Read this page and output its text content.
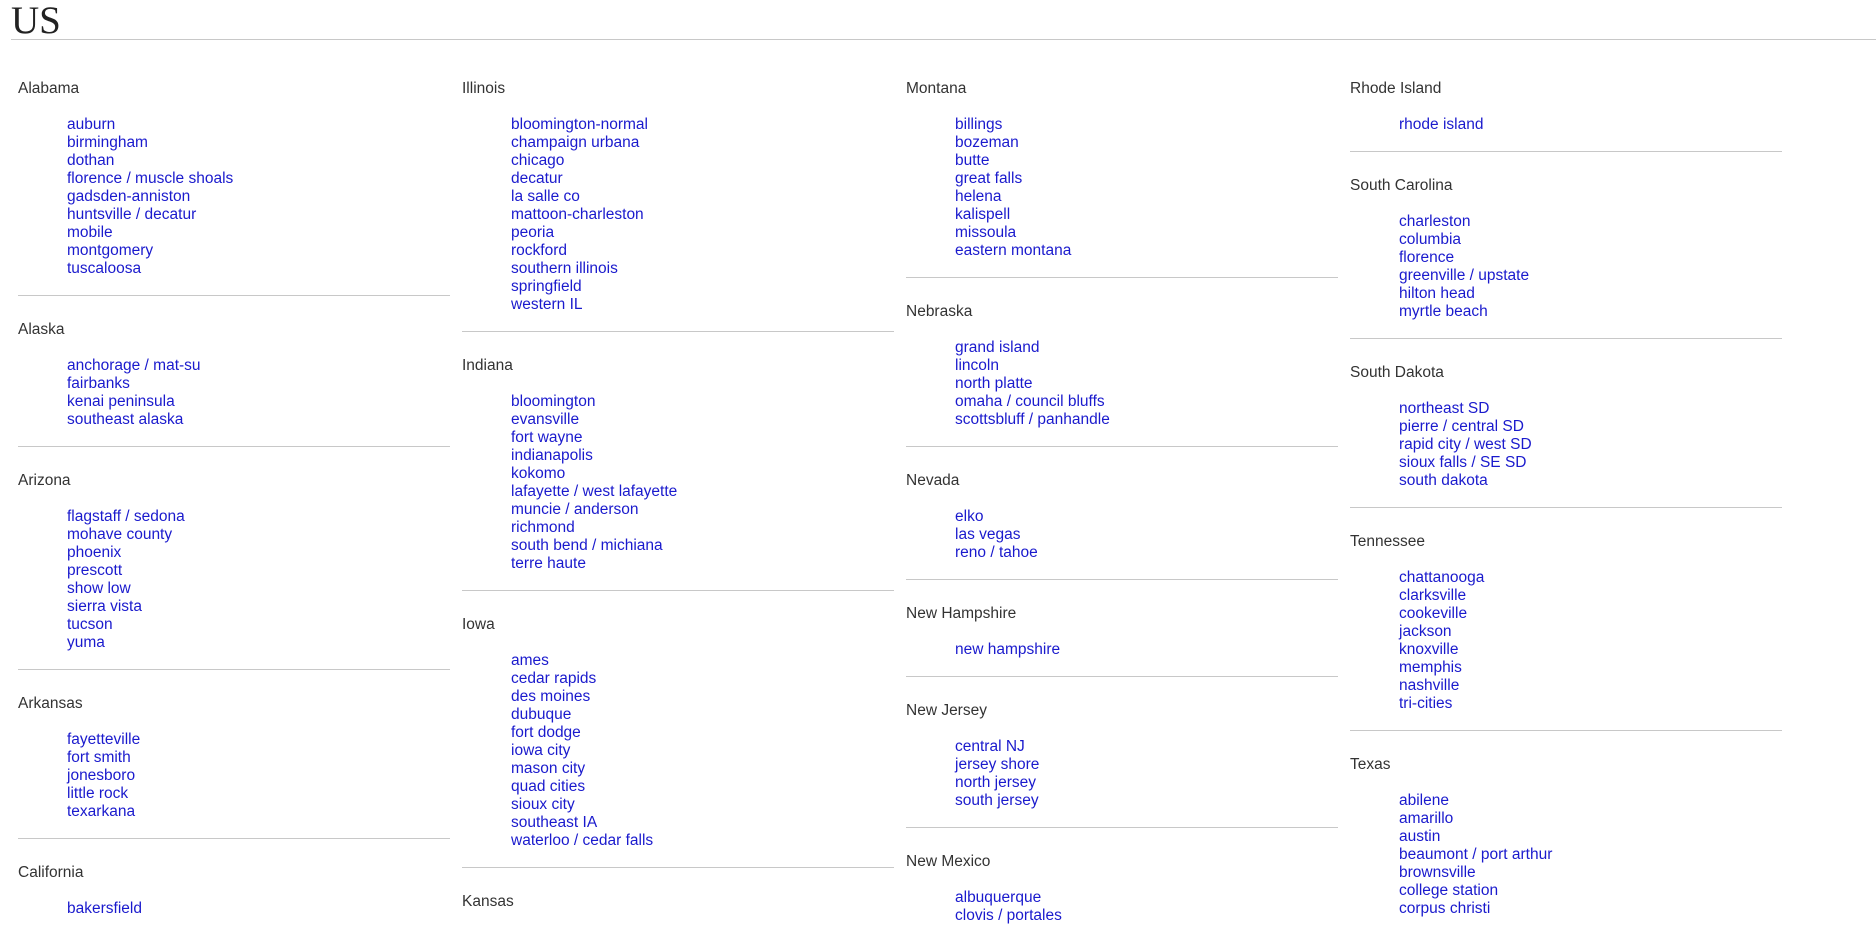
US
Alabama
auburn
birmingham
dothan
florence / muscle shoals
gadsden-anniston
huntsville / decatur
mobile
montgomery
tuscaloosa
Alaska
anchorage / mat-su
fairbanks
kenai peninsula
southeast alaska
Arizona
flagstaff / sedona
mohave county
phoenix
prescott
show low
sierra vista
tucson
yuma
Arkansas
fayetteville
fort smith
jonesboro
little rock
texarkana
California
bakersfield
Illinois
bloomington-normal
champaign urbana
chicago
decatur
la salle co
mattoon-charleston
peoria
rockford
southern illinois
springfield
western IL
Indiana
bloomington
evansville
fort wayne
indianapolis
kokomo
lafayette / west lafayette
muncie / anderson
richmond
south bend / michiana
terre haute
Iowa
ames
cedar rapids
des moines
dubuque
fort dodge
iowa city
mason city
quad cities
sioux city
southeast IA
waterloo / cedar falls
Kansas
Montana
billings
bozeman
butte
great falls
helena
kalispell
missoula
eastern montana
Nebraska
grand island
lincoln
north platte
omaha / council bluffs
scottsbluff / panhandle
Nevada
elko
las vegas
reno / tahoe
New Hampshire
new hampshire
New Jersey
central NJ
jersey shore
north jersey
south jersey
New Mexico
albuquerque
clovis / portales
Rhode Island
rhode island
South Carolina
charleston
columbia
florence
greenville / upstate
hilton head
myrtle beach
South Dakota
northeast SD
pierre / central SD
rapid city / west SD
sioux falls / SE SD
south dakota
Tennessee
chattanooga
clarksville
cookeville
jackson
knoxville
memphis
nashville
tri-cities
Texas
abilene
amarillo
austin
beaumont / port arthur
brownsville
college station
corpus christi
